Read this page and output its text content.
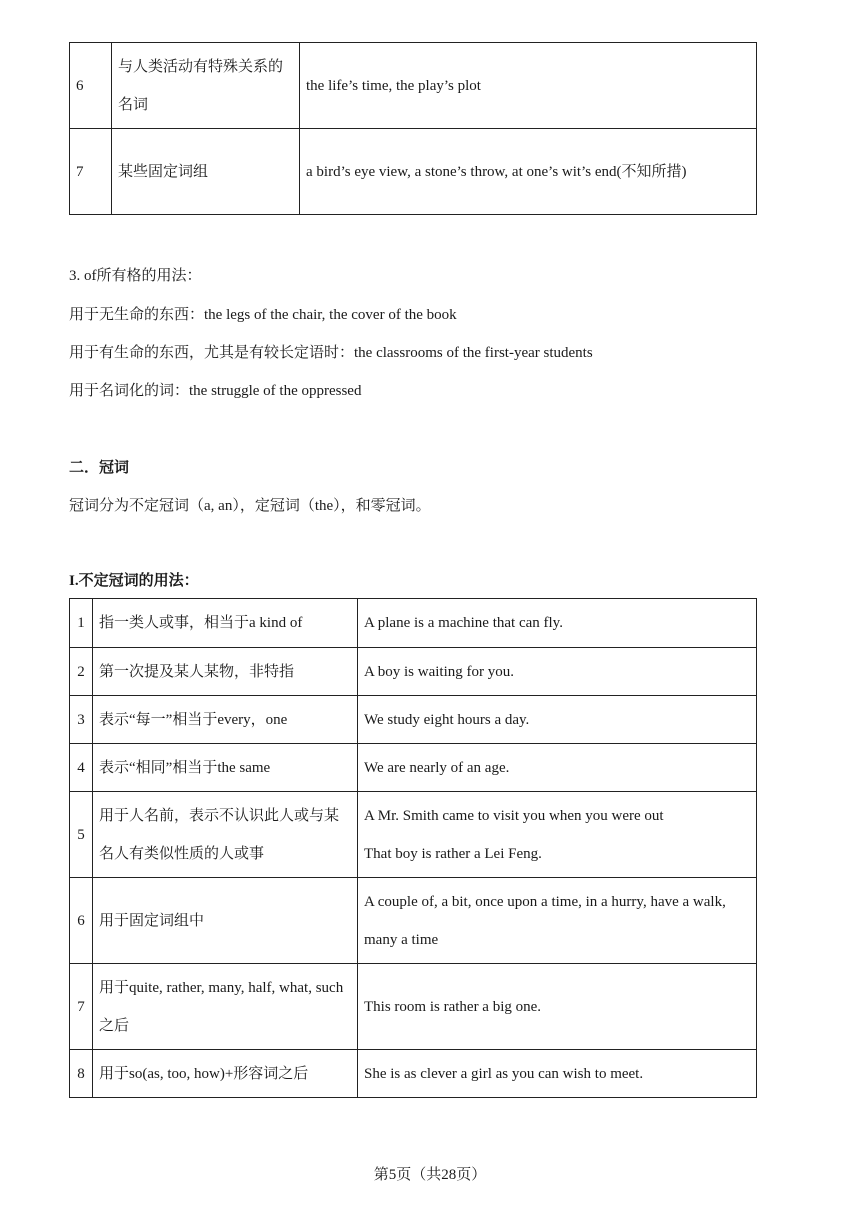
6	与人类活动有特殊关系的名词	the life’s time, the play’s plot
7	某些固定词组	a bird’s eye view, a stone’s throw, at one’s wit’s end(不知所措)
3. of所有格的用法：
用于无生命的东西：the legs of the chair, the cover of the book
用于有生命的东西，尤其是有较长定语时：the classrooms of the first-year students
用于名词化的词：the struggle of the oppressed
二．冠词
冠词分为不定冠词（a, an），定冠词（the），和零冠词。
I.不定冠词的用法：
1	指一类人或事，相当于a kind of	A plane is a machine that can fly.
2	第一次提及某人某物，非特指	A boy is waiting for you.
3	表示“每一”相当于every，one	We study eight hours a day.
4	表示“相同”相当于the same	We are nearly of an age.
5	用于人名前，表示不认识此人或与某名人有类似性质的人或事	A Mr. Smith came to visit you when you were out
That boy is rather a Lei Feng.
6	用于固定词组中	A couple of, a bit, once upon a time, in a hurry, have a walk, many a time
7	用于quite, rather, many, half, what, such之后	This room is rather a big one.
8	用于so(as, too, how)+形容词之后	She is as clever a girl as you can wish to meet.
第5页（共28页）
